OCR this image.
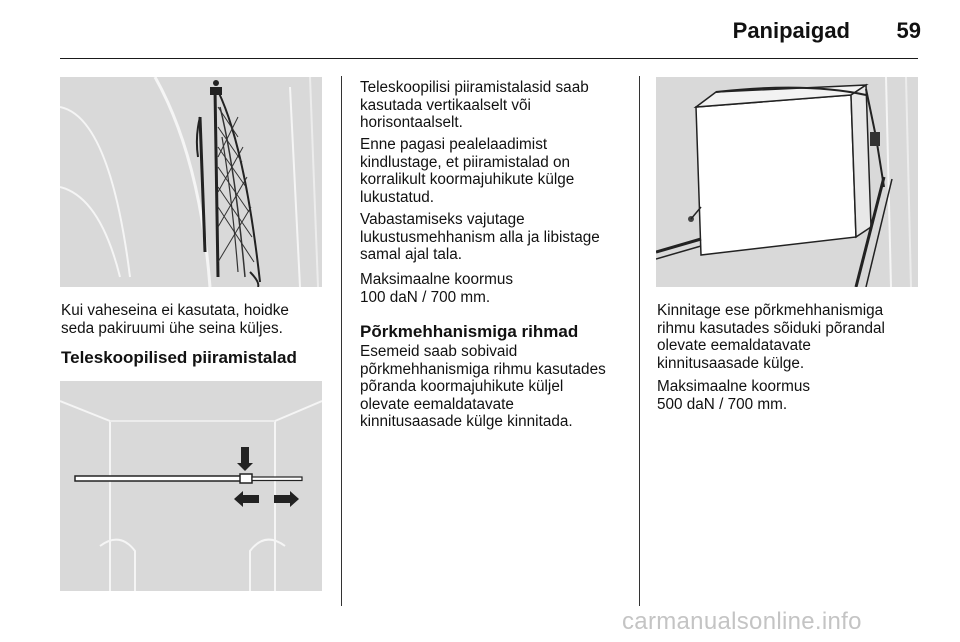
Panipaigad	59

Kui vaheseina ei kasutata, hoidke
seda pakiruumi ühe seina küljes.

Teleskoopilised piiramistalad

Teleskoopilisi piiramistalasid saab
kasutada vertikaalselt või
horisontaalselt.

Enne pagasi pealelaadimist
kindlustage, et piiramistalad on
korralikult koormajuhikute külge
lukustatud.

Vabastamiseks vajutage
lukustusmehhanism alla ja libistage
samal ajal tala.

Maksimaalne koormus
100 daN / 700 mm.

Põrkmehhanismiga rihmad

Esemeid saab sobivaid
põrkmehhanismiga rihmu kasutades
põranda koormajuhikute küljel
olevate eemaldatavate
kinnitusaasade külge kinnitada.

Kinnitage ese põrkmehhanismiga
rihmu kasutades sõiduki põrandal
olevate eemaldatavate
kinnitusaasade külge.

Maksimaalne koormus
500 daN / 700 mm.

carmanualsonline.info
